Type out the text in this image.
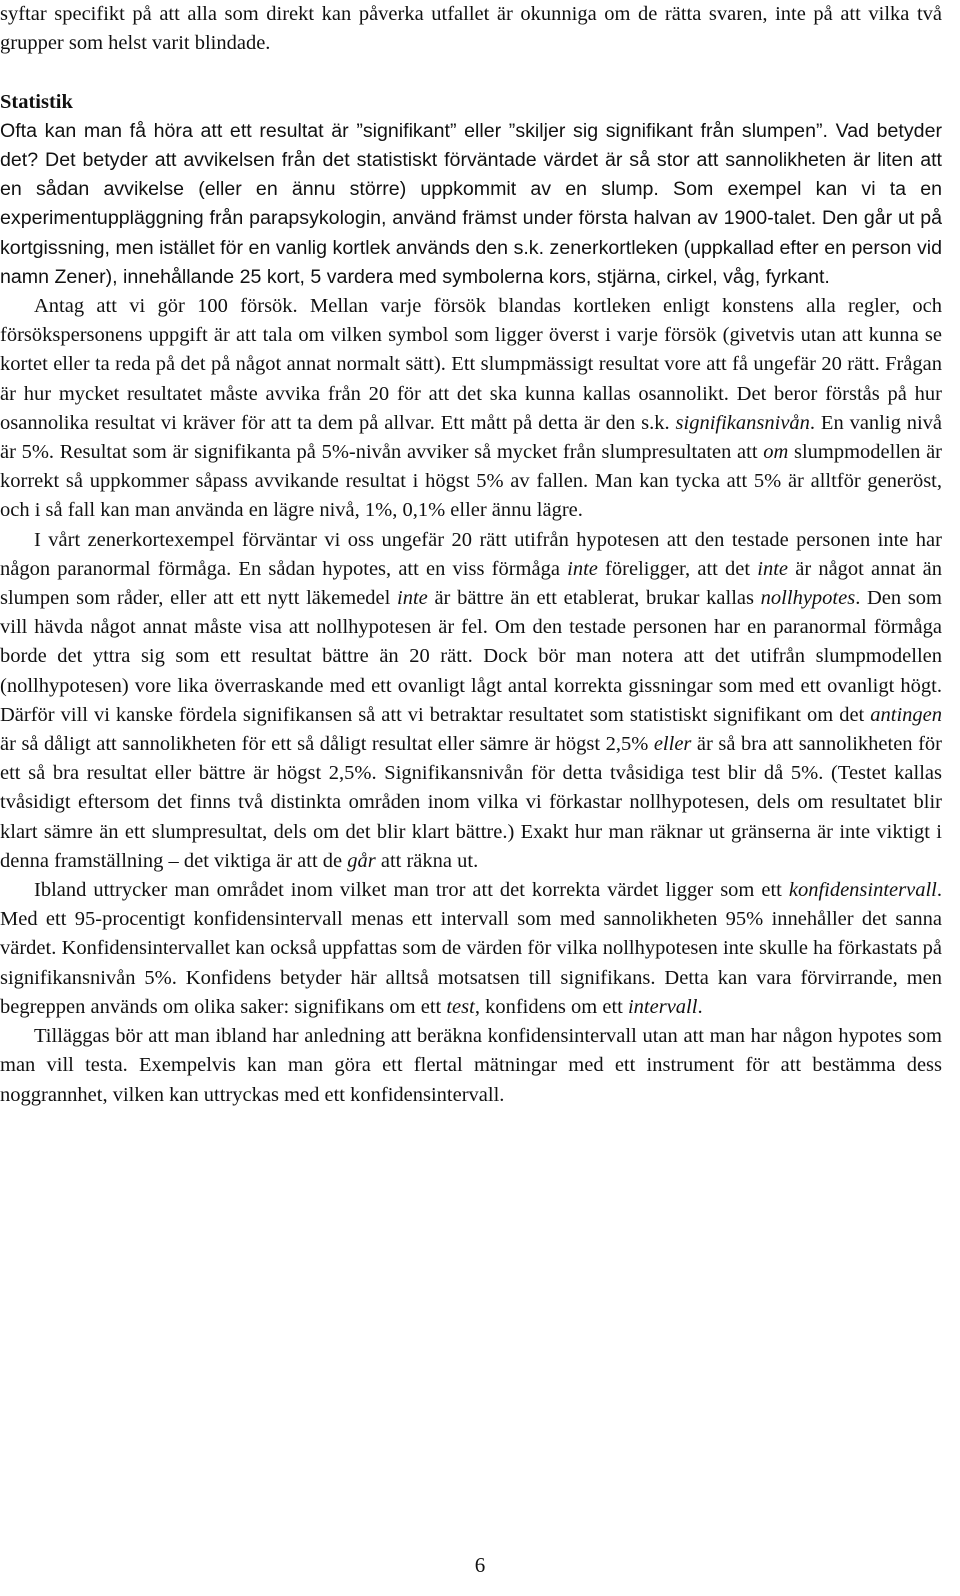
syftar specifikt på att alla som direkt kan påverka utfallet är okunniga om de rätta svaren, inte på att vilka två grupper som helst varit blindade.

Statistik

Ofta kan man få höra att ett resultat är ”signifikant” eller ”skiljer sig signifikant från slumpen”. Vad betyder det? Det betyder att avvikelsen från det statistiskt förväntade värdet är så stor att sannolikheten är liten att en sådan avvikelse (eller en ännu större) uppkommit av en slump. Som exempel kan vi ta en experimentuppläggning från parapsykologin, använd främst under första halvan av 1900-talet. Den går ut på kortgissning, men istället för en vanlig kortlek används den s.k. zenerkortleken (uppkallad efter en person vid namn Zener), innehållande 25 kort, 5 vardera med symbolerna kors, stjärna, cirkel, våg, fyrkant.

Antag att vi gör 100 försök. Mellan varje försök blandas kortleken enligt konstens alla regler, och försökspersonens uppgift är att tala om vilken symbol som ligger överst i varje försök (givetvis utan att kunna se kortet eller ta reda på det på något annat normalt sätt). Ett slumpmässigt resultat vore att få ungefär 20 rätt. Frågan är hur mycket resultatet måste avvika från 20 för att det ska kunna kallas osannolikt. Det beror förstås på hur osannolika resultat vi kräver för att ta dem på allvar. Ett mått på detta är den s.k. signifikansnivån. En vanlig nivå är 5%. Resultat som är signifikanta på 5%-nivån avviker så mycket från slumpresultaten att om slumpmodellen är korrekt så uppkommer såpass avvikande resultat i högst 5% av fallen. Man kan tycka att 5% är alltför generöst, och i så fall kan man använda en lägre nivå, 1%, 0,1% eller ännu lägre.

I vårt zenerkortexempel förväntar vi oss ungefär 20 rätt utifrån hypotesen att den testade personen inte har någon paranormal förmåga. En sådan hypotes, att en viss förmåga inte föreligger, att det inte är något annat än slumpen som råder, eller att ett nytt läkemedel inte är bättre än ett etablerat, brukar kallas nollhypotes. Den som vill hävda något annat måste visa att nollhypotesen är fel. Om den testade personen har en paranormal förmåga borde det yttra sig som ett resultat bättre än 20 rätt. Dock bör man notera att det utifrån slumpmodellen (nollhypotesen) vore lika överraskande med ett ovanligt lågt antal korrekta gissningar som med ett ovanligt högt. Därför vill vi kanske fördela signifikansen så att vi betraktar resultatet som statistiskt signifikant om det antingen är så dåligt att sannolikheten för ett så dåligt resultat eller sämre är högst 2,5% eller är så bra att sannolikheten för ett så bra resultat eller bättre är högst 2,5%. Signifikansnivån för detta tvåsidiga test blir då 5%. (Testet kallas tvåsidigt eftersom det finns två distinkta områden inom vilka vi förkastar nollhypotesen, dels om resultatet blir klart sämre än ett slumpresultat, dels om det blir klart bättre.) Exakt hur man räknar ut gränserna är inte viktigt i denna framställning – det viktiga är att de går att räkna ut.

Ibland uttrycker man området inom vilket man tror att det korrekta värdet ligger som ett konfidensintervall. Med ett 95-procentigt konfidensintervall menas ett intervall som med sannolikheten 95% innehåller det sanna värdet. Konfidensintervallet kan också uppfattas som de värden för vilka nollhypotesen inte skulle ha förkastats på signifikansnivån 5%. Konfidens betyder här alltså motsatsen till signifikans. Detta kan vara förvirrande, men begreppen används om olika saker: signifikans om ett test, konfidens om ett intervall.

Tilläggas bör att man ibland har anledning att beräkna konfidensintervall utan att man har någon hypotes som man vill testa. Exempelvis kan man göra ett flertal mätningar med ett instrument för att bestämma dess noggrannhet, vilken kan uttryckas med ett konfidensintervall.

6
